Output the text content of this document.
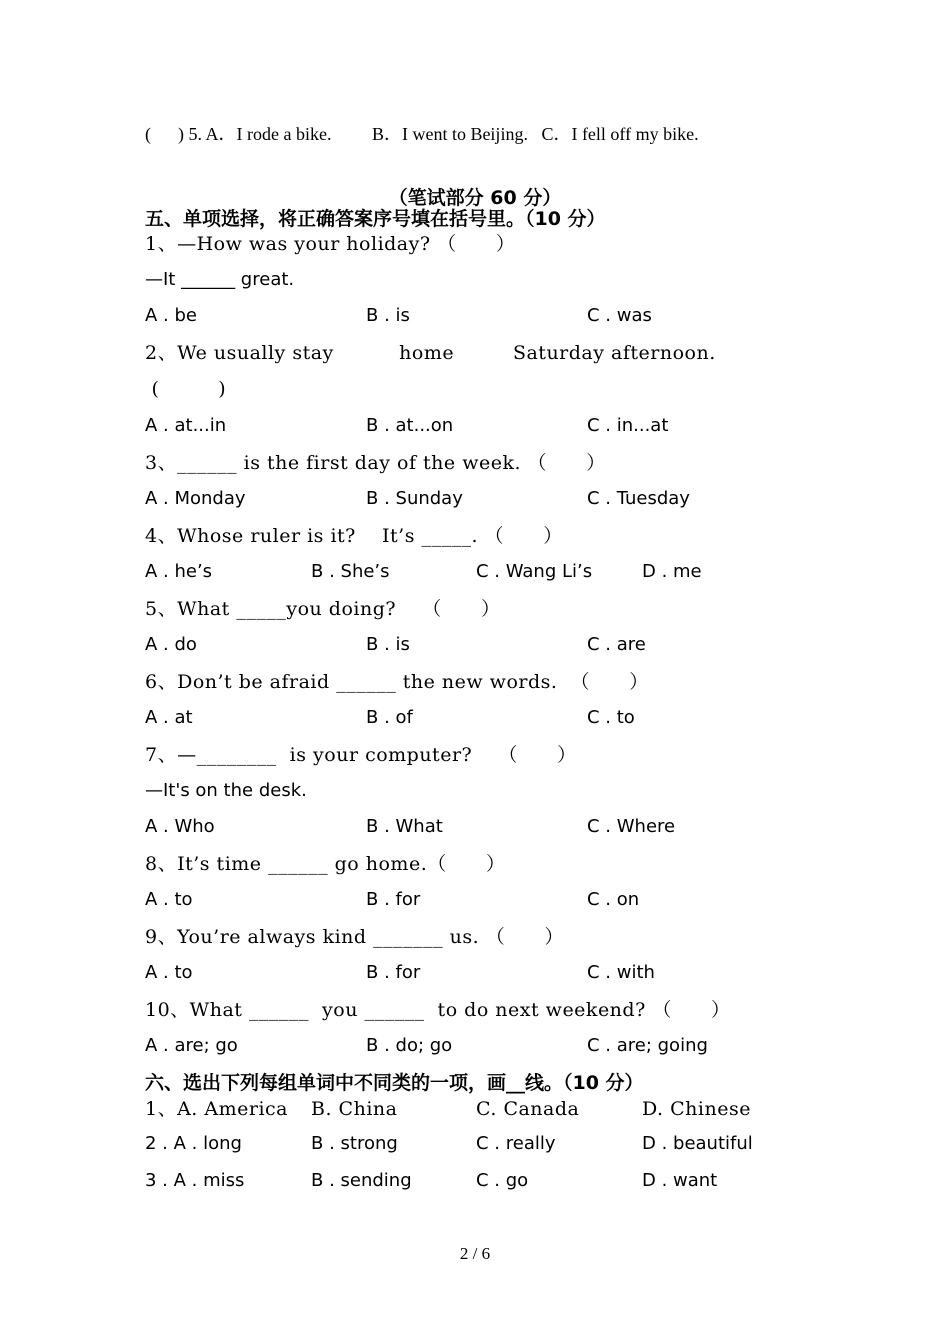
(      ) 5. A．I rode a bike.         B．I went to Beijing.   C．I fell off my bike.
（笔试部分 60 分）
五、单项选择，将正确答案序号填在括号里。（10 分）
1、—How was your holiday? （      ）
—It ______ great.
A . be	B . is	C . was
2、We usually stay          home         Saturday afternoon.
(         )
A . at...in	B . at...on	C . in...at
3、______ is the first day of the week. （      ）
A . Monday	B . Sunday	C . Tuesday
4、Whose ruler is it?    It’s _____. （      ）
A . he’s	B . She’s	C . Wang Li’s	D . me
5、What _____you doing?    （      ）
A . do	B . is	C . are
6、Don’t be afraid ______ the new words.  （      ）
A . at	B . of	C . to
7、—________  is your computer?    （      ）
—It's on the desk.
A . Who	B . What	C . Where
8、It’s time ______ go home.（      ）
A . to	B . for	C . on
9、You’re always kind _______ us. （      ）
A . to	B . for	C . with
10、What ______  you ______  to do next weekend? （      ）
A . are; go	B . do; go	C . are; going
六、选出下列每组单词中不同类的一项，画__线。（10 分）
1、A. America B. China	C. Canada	D. Chinese
2 . A . long	B . strong	C . really	D . beautiful
3 . A . miss	B . sending	C . go	D . want
2 / 6
